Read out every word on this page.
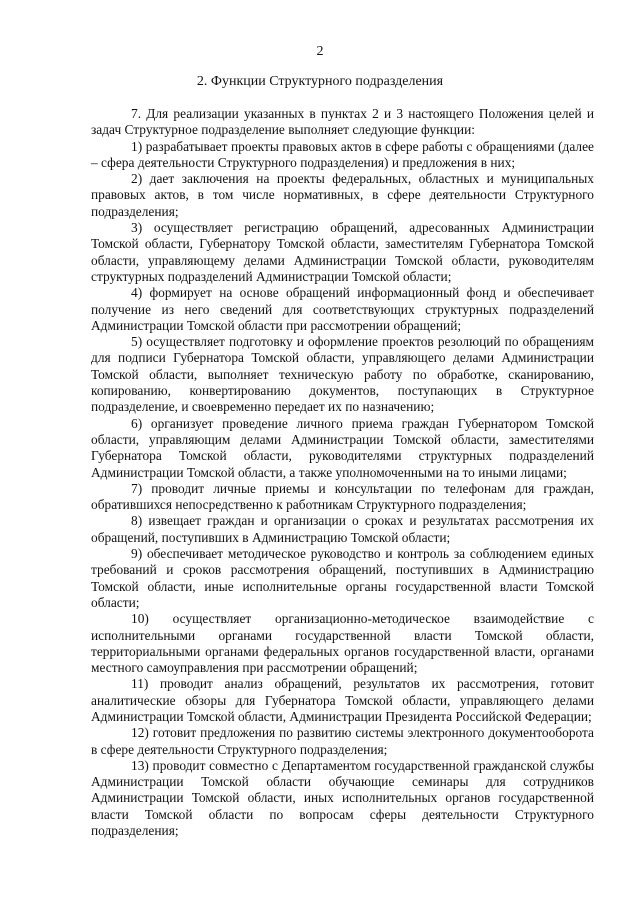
2
2. Функции Структурного подразделения

7. Для реализации указанных в пунктах 2 и 3 настоящего Положения целей и задач Структурное подразделение выполняет следующие функции:

1) разрабатывает проекты правовых актов в сфере работы с обращениями (далее – сфера деятельности Структурного подразделения) и предложения в них;

2) дает заключения на проекты федеральных, областных и муниципальных правовых актов, в том числе нормативных, в сфере деятельности Структурного подразделения;

3) осуществляет регистрацию обращений, адресованных Администрации Томской области, Губернатору Томской области, заместителям Губернатора Томской области, управляющему делами Администрации Томской области, руководителям структурных подразделений Администрации Томской области;

4) формирует на основе обращений информационный фонд и обеспечивает получение из него сведений для соответствующих структурных подразделений Администрации Томской области при рассмотрении обращений;

5) осуществляет подготовку и оформление проектов резолюций по обращениям для подписи Губернатора Томской области, управляющего делами Администрации Томской области, выполняет техническую работу по обработке, сканированию, копированию, конвертированию документов, поступающих в Структурное подразделение, и своевременно передает их по назначению;

6) организует проведение личного приема граждан Губернатором Томской области, управляющим делами Администрации Томской области, заместителями Губернатора Томской области, руководителями структурных подразделений Администрации Томской области, а также уполномоченными на то иными лицами;

7) проводит личные приемы и консультации по телефонам для граждан, обратившихся непосредственно к работникам Структурного подразделения;

8) извещает граждан и организации о сроках и результатах рассмотрения их обращений, поступивших в Администрацию Томской области;

9) обеспечивает методическое руководство и контроль за соблюдением единых требований и сроков рассмотрения обращений, поступивших в Администрацию Томской области, иные исполнительные органы государственной власти Томской области;

10) осуществляет организационно-методическое взаимодействие с исполнительными органами государственной власти Томской области, территориальными органами федеральных органов государственной власти, органами местного самоуправления при рассмотрении обращений;

11) проводит анализ обращений, результатов их рассмотрения, готовит аналитические обзоры для Губернатора Томской области, управляющего делами Администрации Томской области, Администрации Президента Российской Федерации;

12) готовит предложения по развитию системы электронного документооборота в сфере деятельности Структурного подразделения;

13) проводит совместно с Департаментом государственной гражданской службы Администрации Томской области обучающие семинары для сотрудников Администрации Томской области, иных исполнительных органов государственной власти Томской области по вопросам сферы деятельности Структурного подразделения;
